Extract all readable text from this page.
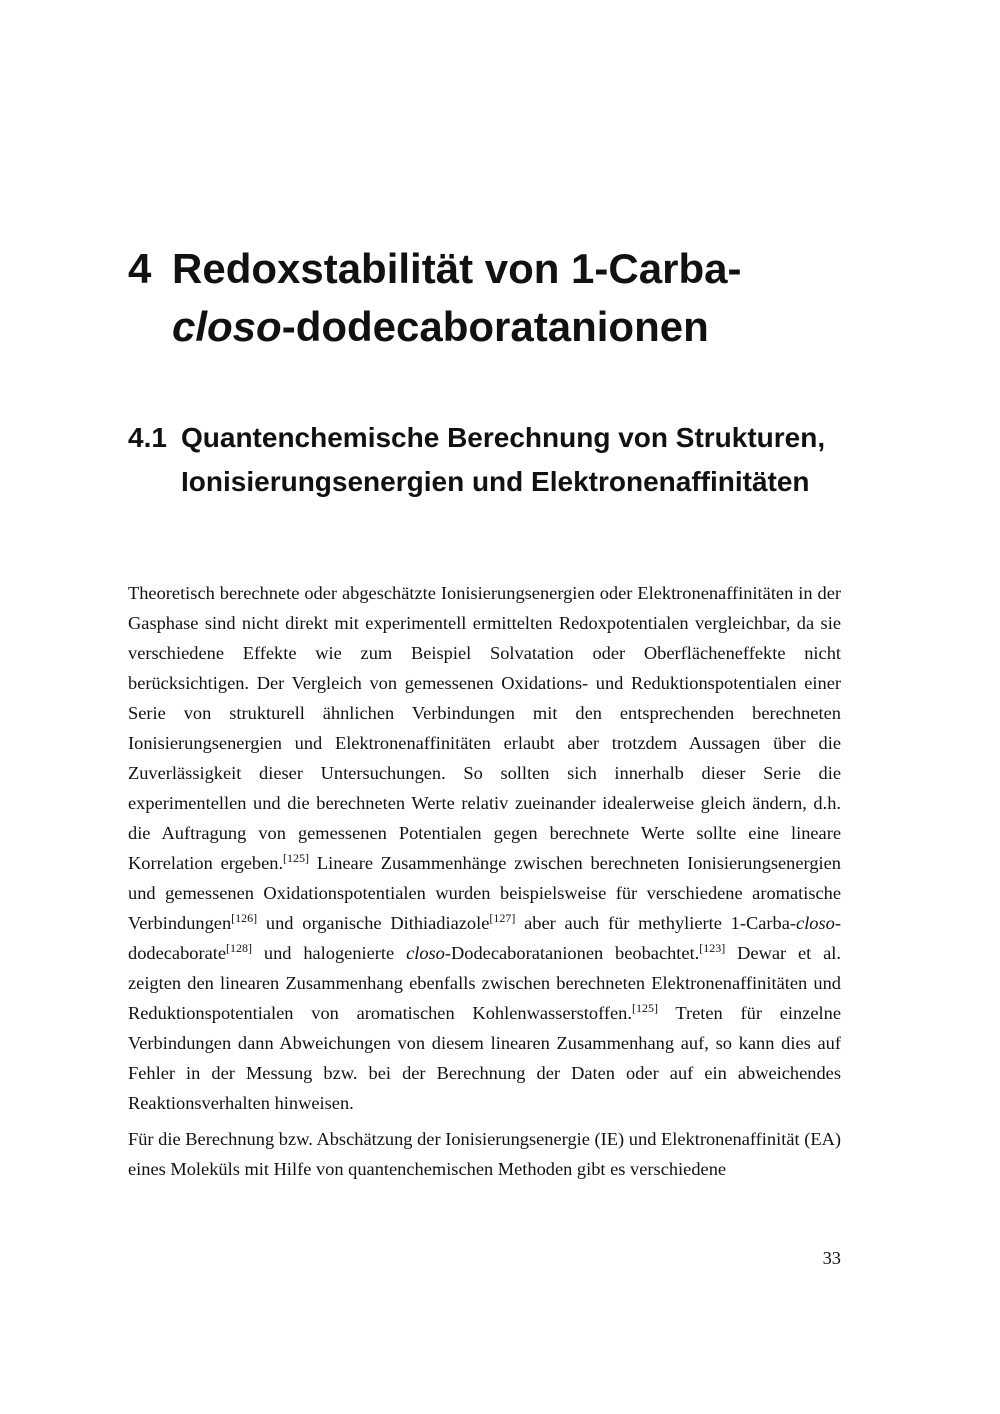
4 Redoxstabilität von 1-Carba-
closo-dodecaboratanionen
4.1 Quantenchemische Berechnung von Strukturen, Ionisierungsenergien und Elektronenaffinitäten

Theoretisch berechnete oder abgeschätzte Ionisierungsenergien oder Elektronenaffinitäten in der Gasphase sind nicht direkt mit experimentell ermittelten Redoxpotentialen vergleichbar, da sie verschiedene Effekte wie zum Beispiel Solvatation oder Oberflächeneffekte nicht berücksichtigen. Der Vergleich von gemessenen Oxidations- und Reduktionspotentialen einer Serie von strukturell ähnlichen Verbindungen mit den entsprechenden berechneten Ionisierungsenergien und Elektronenaffinitäten erlaubt aber trotzdem Aussagen über die Zuverlässigkeit dieser Untersuchungen. So sollten sich innerhalb dieser Serie die experimentellen und die berechneten Werte relativ zueinander idealerweise gleich ändern, d.h. die Auftragung von gemessenen Potentialen gegen berechnete Werte sollte eine lineare Korrelation ergeben.[125] Lineare Zusammenhänge zwischen berechneten Ionisierungsenergien und gemessenen Oxidationspotentialen wurden beispielsweise für verschiedene aromatische Verbindungen[126] und organische Dithiadiazole[127] aber auch für methylierte 1-Carba-closo-dodecaborate[128] und halogenierte closo-Dodecaboratanionen beobachtet.[123] Dewar et al. zeigten den linearen Zusammenhang ebenfalls zwischen berechneten Elektronenaffinitäten und Reduktionspotentialen von aromatischen Kohlenwasserstoffen.[125] Treten für einzelne Verbindungen dann Abweichungen von diesem linearen Zusammenhang auf, so kann dies auf Fehler in der Messung bzw. bei der Berechnung der Daten oder auf ein abweichendes Reaktionsverhalten hinweisen.

Für die Berechnung bzw. Abschätzung der Ionisierungsenergie (IE) und Elektronenaffinität (EA) eines Moleküls mit Hilfe von quantenchemischen Methoden gibt es verschiedene

33
